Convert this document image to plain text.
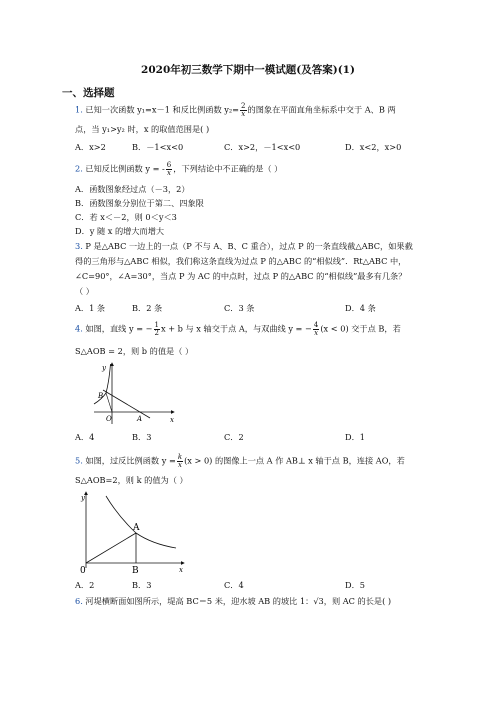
2020年初三数学下期中一模试题(及答案)(1)
一、选择题
1. 已知一次函数 y₁=x－1 和反比例函数 $y_2= \frac{2}{x}$ 的图象在平面直角坐标系中交于 A、B 两
点，当 y₁>y₂ 时，x 的取值范围是( )
A．x>2	B．－1<x<0	C．x>2，－1<x<0	D．x<2，x>0
2. 已知反比例函数 y = - $\frac{6}{x}$ ，下列结论中不正确的是（ ）
A．函数图象经过点（－3，2）
B．函数图象分别位于第二、四象限
C．若 x＜－2，则 0＜y＜3
D．y 随 x 的增大而增大
3. P 是△ABC 一边上的一点（P 不与 A、B、C 重合），过点 P 的一条直线截△ABC，如果截
得的三角形与△ABC 相似，我们称这条直线为过点 P 的△ABC 的“相似线”．Rt△ABC 中，
∠C=90°，∠A=30°，当点 P 为 AC 的中点时，过点 P 的△ABC 的“相似线”最多有几条？
（ ）
A．1 条	B．2 条	C．3 条	D．4 条
4. 如图，直线 y = − $\frac{1}{2}$ x + b 与 x 轴交于点 A，与双曲线 y = − $\frac{4}{x} (x < 0)$ 交于点 B，若
S△AOB = 2，则 b 的值是（ ）
y
x
B
O	A
A．4	B．3	C．2	D．1
5. 如图，过反比例函数 $y = \frac{k}{x} (x > 0)$ 的图像上一点 A 作 AB⊥ x 轴于点 B，连接 AO，若
S△AOB=2，则 k 的值为（ ）
y
x
A
B
0
A．2	B．3	C．4	D．5
6. 河堤横断面如图所示，堤高 BC＝5 米，迎水坡 AB 的坡比 1：√3，则 AC 的长是( )
